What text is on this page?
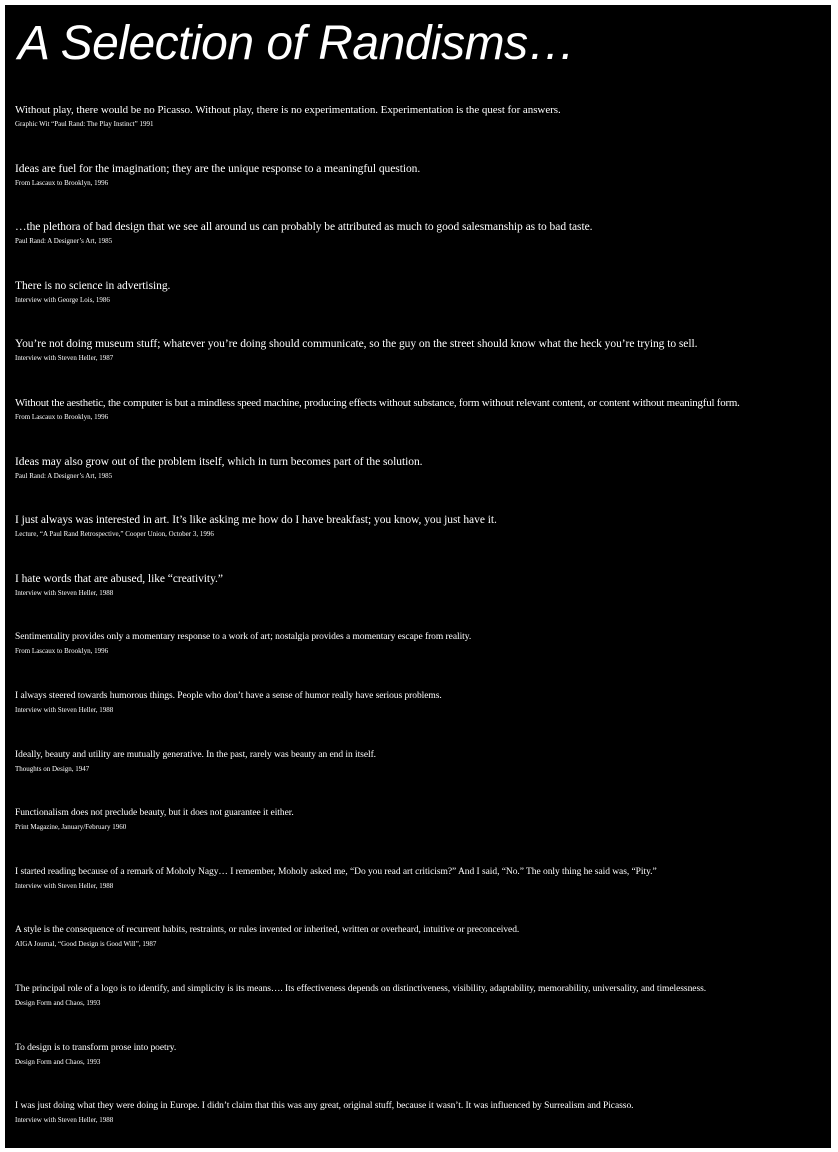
A Selection of Randisms…
Without play, there would be no Picasso. Without play, there is no experimentation. Experimentation is the quest for answers.
Graphic Wit “Paul Rand: The Play Instinct” 1991
Ideas are fuel for the imagination; they are the unique response to a meaningful question.
From Lascaux to Brooklyn, 1996
…the plethora of bad design that we see all around us can probably be attributed as much to good salesmanship as to bad taste.
Paul Rand: A Designer’s Art, 1985
There is no science in advertising.
Interview with George Lois, 1986
You’re not doing museum stuff; whatever you’re doing should communicate, so the guy on the street should know what the heck you’re trying to sell.
Interview with Steven Heller, 1987
Without the aesthetic, the computer is but a mindless speed machine, producing effects without substance, form without relevant content, or content without meaningful form.
From Lascaux to Brooklyn, 1996
Ideas may also grow out of the problem itself, which in turn becomes part of the solution.
Paul Rand: A Designer’s Art, 1985
I just always was interested in art. It’s like asking me how do I have breakfast; you know, you just have it.
Lecture, “A Paul Rand Retrospective,” Cooper Union, October 3, 1996
I hate words that are abused, like “creativity.”
Interview with Steven Heller, 1988
Sentimentality provides only a momentary response to a work of art; nostalgia provides a momentary escape from reality.
From Lascaux to Brooklyn, 1996
I always steered towards humorous things. People who don’t have a sense of humor really have serious problems.
Interview with Steven Heller, 1988
Ideally, beauty and utility are mutually generative. In the past, rarely was beauty an end in itself.
Thoughts on Design, 1947
Functionalism does not preclude beauty, but it does not guarantee it either.
Print Magazine, January/February 1960
I started reading because of a remark of Moholy Nagy… I remember, Moholy asked me, “Do you read art criticism?” And I said, “No.” The only thing he said was, “Pity.”
Interview with Steven Heller, 1988
A style is the consequence of recurrent habits, restraints, or rules invented or inherited, written or overheard, intuitive or preconceived.
AIGA Journal, “Good Design is Good Will”, 1987
The principal role of a logo is to identify, and simplicity is its means…. Its effectiveness depends on distinctiveness, visibility, adaptability, memorability, universality, and timelessness.
Design Form and Chaos, 1993
To design is to transform prose into poetry.
Design Form and Chaos, 1993
I was just doing what they were doing in Europe. I didn’t claim that this was any great, original stuff, because it wasn’t. It was influenced by Surrealism and Picasso.
Interview with Steven Heller, 1988
